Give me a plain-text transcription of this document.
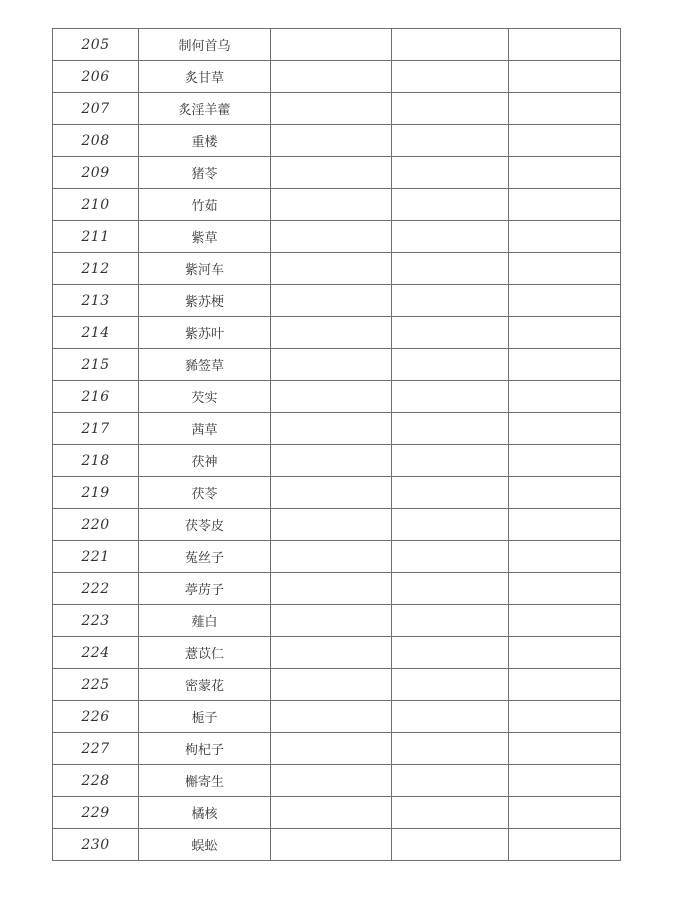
205	制何首乌			
206	炙甘草			
207	炙淫羊藿			
208	重楼			
209	猪苓			
210	竹茹			
211	紫草			
212	紫河车			
213	紫苏梗			
214	紫苏叶			
215	豨签草			
216	芡实			
217	茜草			
218	茯神			
219	茯苓			
220	茯苓皮			
221	菟丝子			
222	葶苈子			
223	薤白			
224	薏苡仁			
225	密蒙花			
226	栀子			
227	枸杞子			
228	槲寄生			
229	橘核			
230	蜈蚣			
